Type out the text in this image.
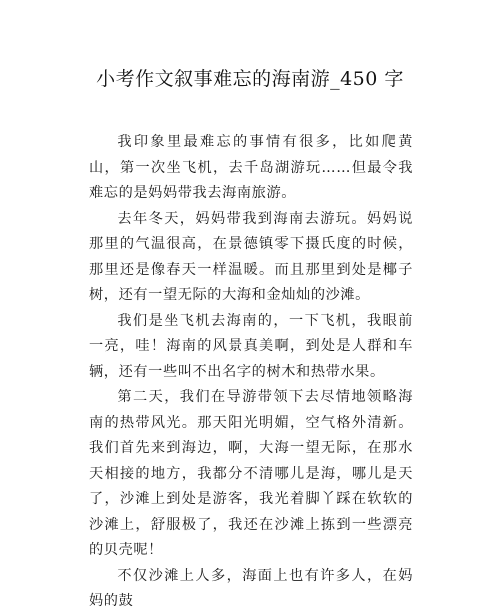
小考作文叙事难忘的海南游_450 字

我印象里最难忘的事情有很多，比如爬黄山，第一次坐飞机，去千岛湖游玩……但最令我难忘的是妈妈带我去海南旅游。

去年冬天，妈妈带我到海南去游玩。妈妈说那里的气温很高，在景德镇零下摄氏度的时候，那里还是像春天一样温暖。而且那里到处是椰子树，还有一望无际的大海和金灿灿的沙滩。

我们是坐飞机去海南的，一下飞机，我眼前一亮，哇！海南的风景真美啊，到处是人群和车辆，还有一些叫不出名字的树木和热带水果。

第二天，我们在导游带领下去尽情地领略海南的热带风光。那天阳光明媚，空气格外清新。我们首先来到海边，啊，大海一望无际，在那水天相接的地方，我都分不清哪儿是海，哪儿是天了，沙滩上到处是游客，我光着脚丫踩在软软的沙滩上，舒服极了，我还在沙滩上拣到一些漂亮的贝壳呢！

不仅沙滩上人多，海面上也有许多人，在妈妈的鼓
